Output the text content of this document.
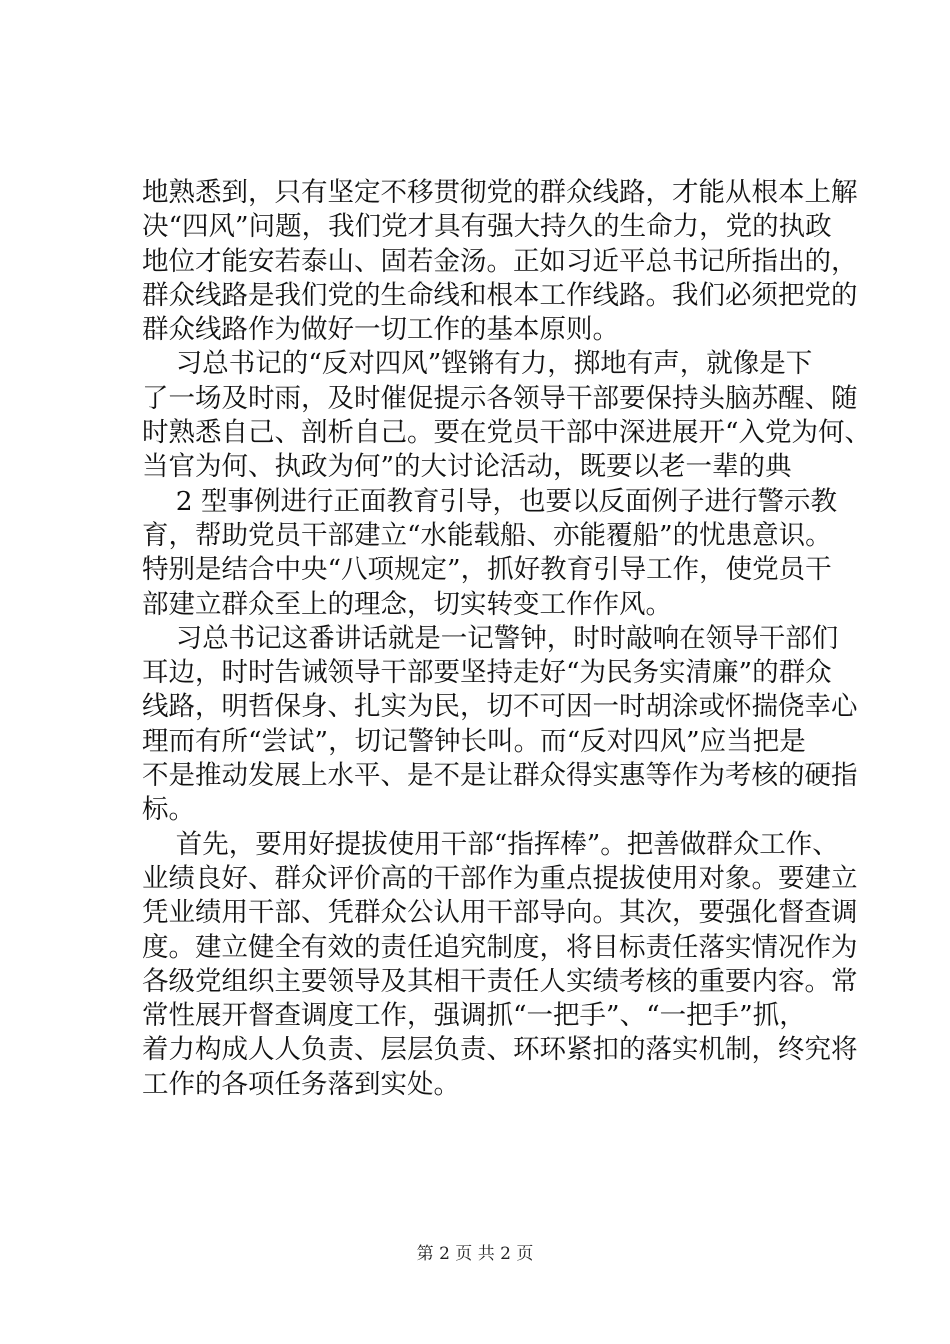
地熟悉到，只有坚定不移贯彻党的群众线路，才能从根本上解
决“四风”问题，我们党才具有强大持久的生命力，党的执政
地位才能安若泰山、固若金汤。正如习近平总书记所指出的，
群众线路是我们党的生命线和根本工作线路。我们必须把党的
群众线路作为做好一切工作的基本原则。
习总书记的“反对四风”铿锵有力，掷地有声，就像是下
了一场及时雨，及时催促提示各领导干部要保持头脑苏醒、随
时熟悉自己、剖析自己。要在党员干部中深进展开“入党为何、
当官为何、执政为何”的大讨论活动，既要以老一辈的典
2 型事例进行正面教育引导，也要以反面例子进行警示教
育，帮助党员干部建立“水能载船、亦能覆船”的忧患意识。
特别是结合中央“八项规定”，抓好教育引导工作，使党员干
部建立群众至上的理念，切实转变工作作风。
习总书记这番讲话就是一记警钟，时时敲响在领导干部们
耳边，时时告诫领导干部要坚持走好“为民务实清廉”的群众
线路，明哲保身、扎实为民，切不可因一时胡涂或怀揣侥幸心
理而有所“尝试”，切记警钟长叫。而“反对四风”应当把是
不是推动发展上水平、是不是让群众得实惠等作为考核的硬指
标。
首先，要用好提拔使用干部“指挥棒”。把善做群众工作、
业绩良好、群众评价高的干部作为重点提拔使用对象。要建立
凭业绩用干部、凭群众公认用干部导向。其次，要强化督查调
度。建立健全有效的责任追究制度，将目标责任落实情况作为
各级党组织主要领导及其相干责任人实绩考核的重要内容。常
常性展开督查调度工作，强调抓“一把手”、“一把手”抓，
着力构成人人负责、层层负责、环环紧扣的落实机制，终究将
工作的各项任务落到实处。
第 2 页 共 2 页
